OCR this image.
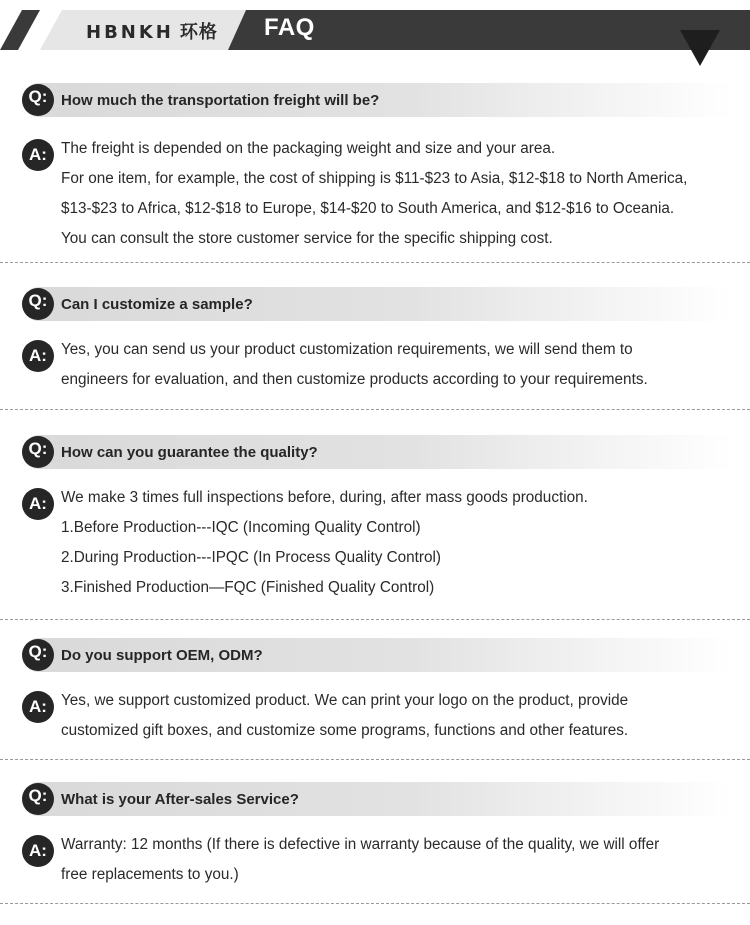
HBNKH 环格 FAQ
Q: How much the transportation freight will be?
A: The freight is depended on the packaging weight and size and your area.
For one item, for example, the cost of shipping is $11-$23 to Asia, $12-$18 to North America,
$13-$23 to Africa, $12-$18 to Europe, $14-$20 to South America, and $12-$16 to Oceania.
You can consult the store customer service for the specific shipping cost.
Q: Can I customize a sample?
A: Yes, you can send us your product customization requirements, we will send them to
engineers for evaluation, and then customize products according to your requirements.
Q: How can you guarantee the quality?
A: We make 3 times full inspections before, during, after mass goods production.
1.Before Production---IQC (Incoming Quality Control)
2.During Production---IPQC (In Process Quality Control)
3.Finished Production—FQC (Finished Quality Control)
Q: Do you support OEM, ODM?
A: Yes, we support customized product. We can print your logo on the product, provide
customized gift boxes, and customize some programs, functions and other features.
Q: What is your After-sales Service?
A: Warranty: 12 months (If there is defective in warranty because of the quality, we will offer
free replacements to you.)
